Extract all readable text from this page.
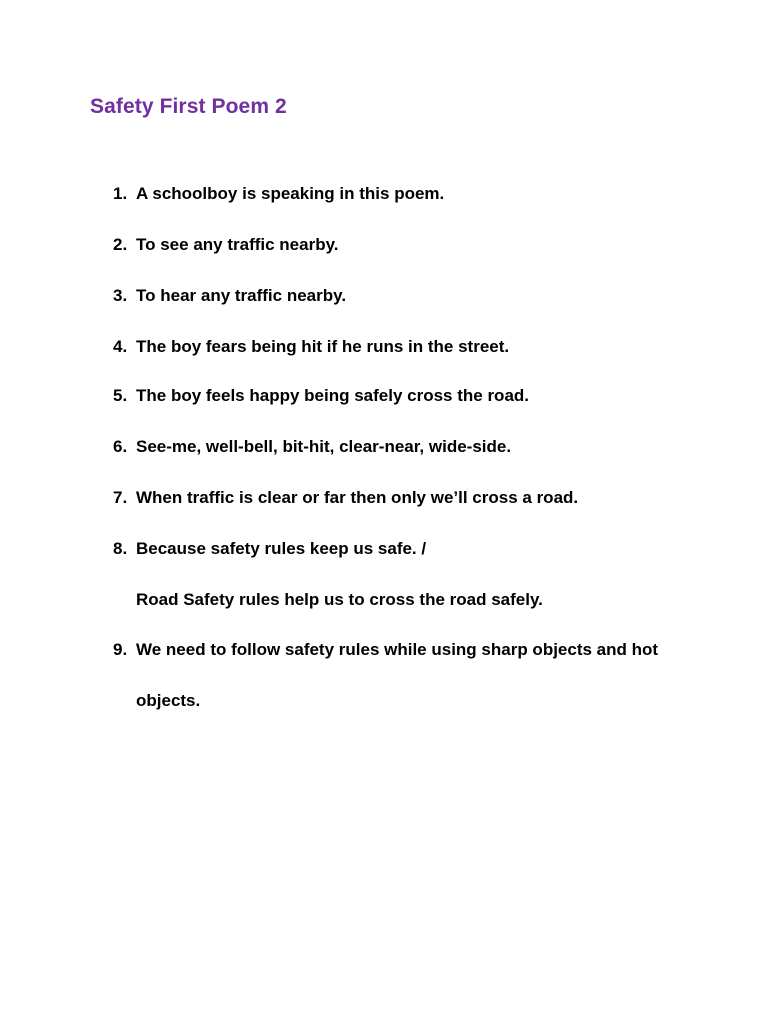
Safety First Poem 2
1. A schoolboy is speaking in this poem.
2. To see any traffic nearby.
3. To hear any traffic nearby.
4. The boy fears being hit if he runs in the street.
5. The boy feels happy being safely cross the road.
6. See-me, well-bell, bit-hit, clear-near, wide-side.
7. When traffic is clear or far then only we’ll cross a road.
8. Because safety rules keep us safe. /
Road Safety rules help us to cross the road safely.
9. We need to follow safety rules while using sharp objects and hot
objects.
